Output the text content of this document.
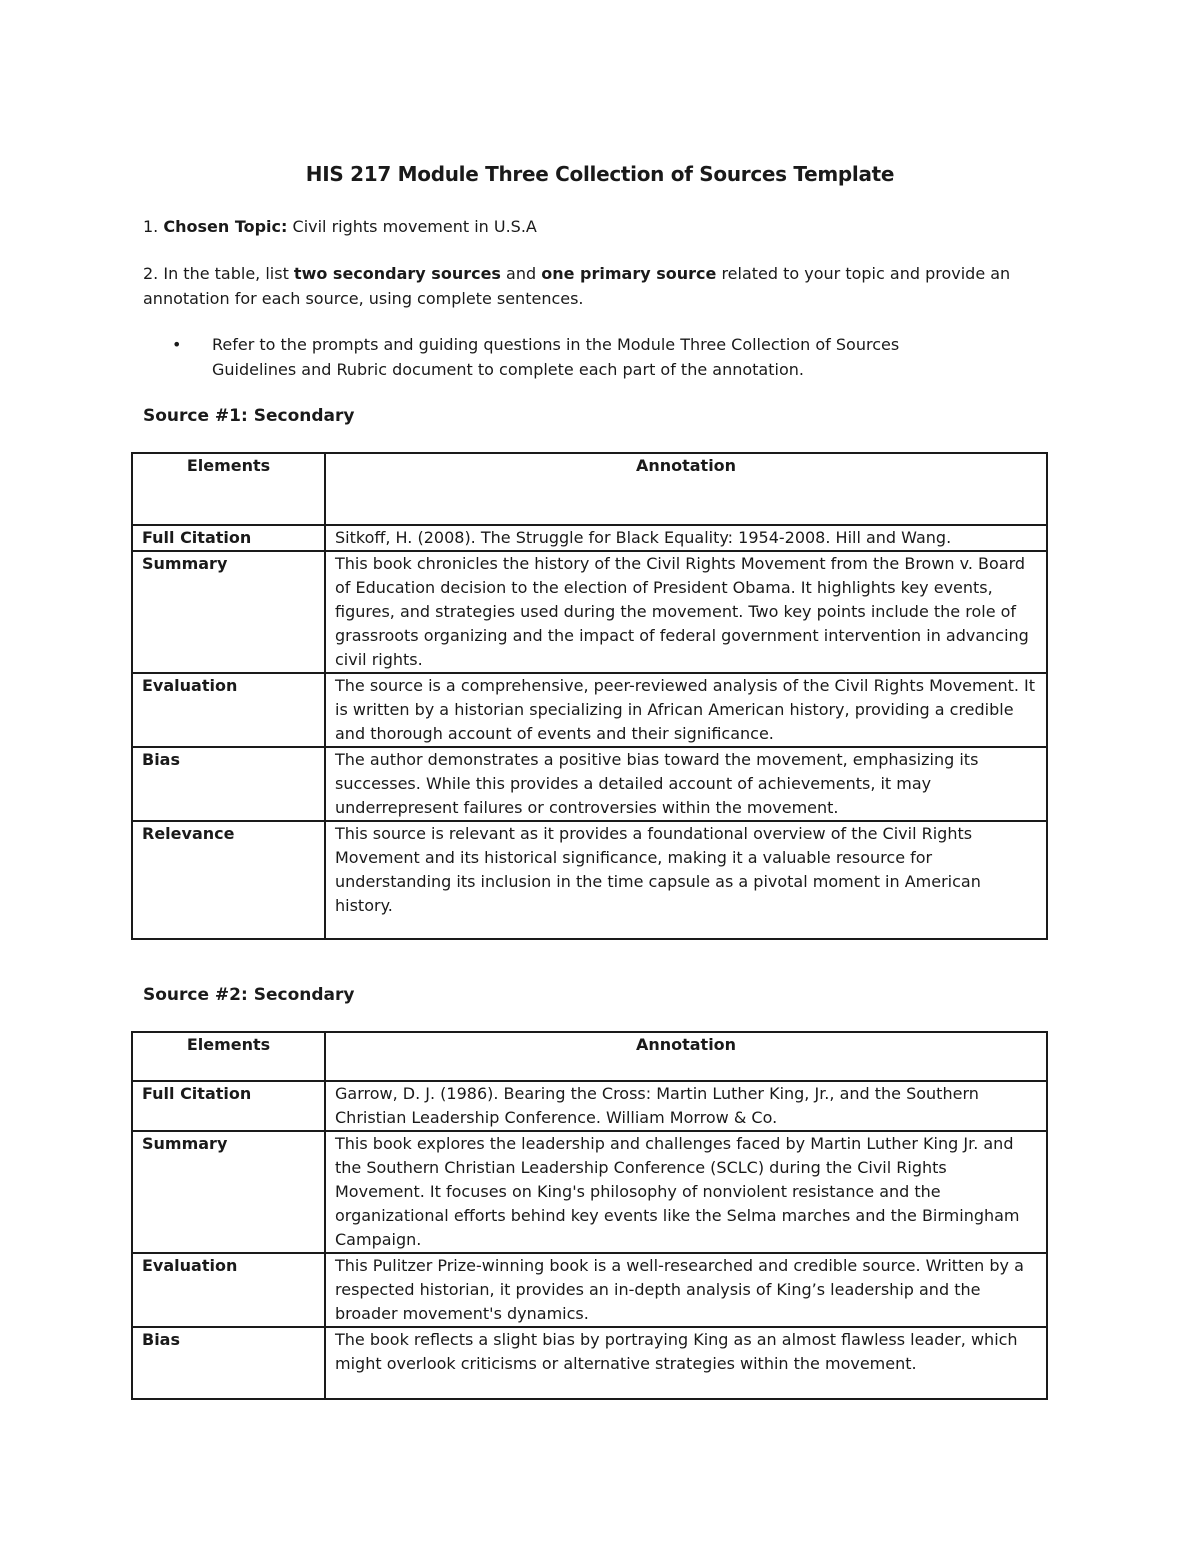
HIS 217 Module Three Collection of Sources Template
1. Chosen Topic: Civil rights movement in U.S.A
2. In the table, list two secondary sources and one primary source related to your topic and provide an annotation for each source, using complete sentences.
•	Refer to the prompts and guiding questions in the Module Three Collection of Sources Guidelines and Rubric document to complete each part of the annotation.
Source #1: Secondary
Elements	Annotation
Full Citation	Sitkoff, H. (2008). The Struggle for Black Equality: 1954-2008. Hill and Wang.
Summary	This book chronicles the history of the Civil Rights Movement from the Brown v. Board of Education decision to the election of President Obama. It highlights key events, figures, and strategies used during the movement. Two key points include the role of grassroots organizing and the impact of federal government intervention in advancing civil rights.
Evaluation	The source is a comprehensive, peer-reviewed analysis of the Civil Rights Movement. It is written by a historian specializing in African American history, providing a credible and thorough account of events and their significance.
Bias	The author demonstrates a positive bias toward the movement, emphasizing its successes. While this provides a detailed account of achievements, it may underrepresent failures or controversies within the movement.
Relevance	This source is relevant as it provides a foundational overview of the Civil Rights Movement and its historical significance, making it a valuable resource for understanding its inclusion in the time capsule as a pivotal moment in American history.
Source #2: Secondary
Elements	Annotation
Full Citation	Garrow, D. J. (1986). Bearing the Cross: Martin Luther King, Jr., and the Southern Christian Leadership Conference. William Morrow & Co.
Summary	This book explores the leadership and challenges faced by Martin Luther King Jr. and the Southern Christian Leadership Conference (SCLC) during the Civil Rights Movement. It focuses on King's philosophy of nonviolent resistance and the organizational efforts behind key events like the Selma marches and the Birmingham Campaign.
Evaluation	This Pulitzer Prize-winning book is a well-researched and credible source. Written by a respected historian, it provides an in-depth analysis of King’s leadership and the broader movement's dynamics.
Bias	The book reflects a slight bias by portraying King as an almost flawless leader, which might overlook criticisms or alternative strategies within the movement.
